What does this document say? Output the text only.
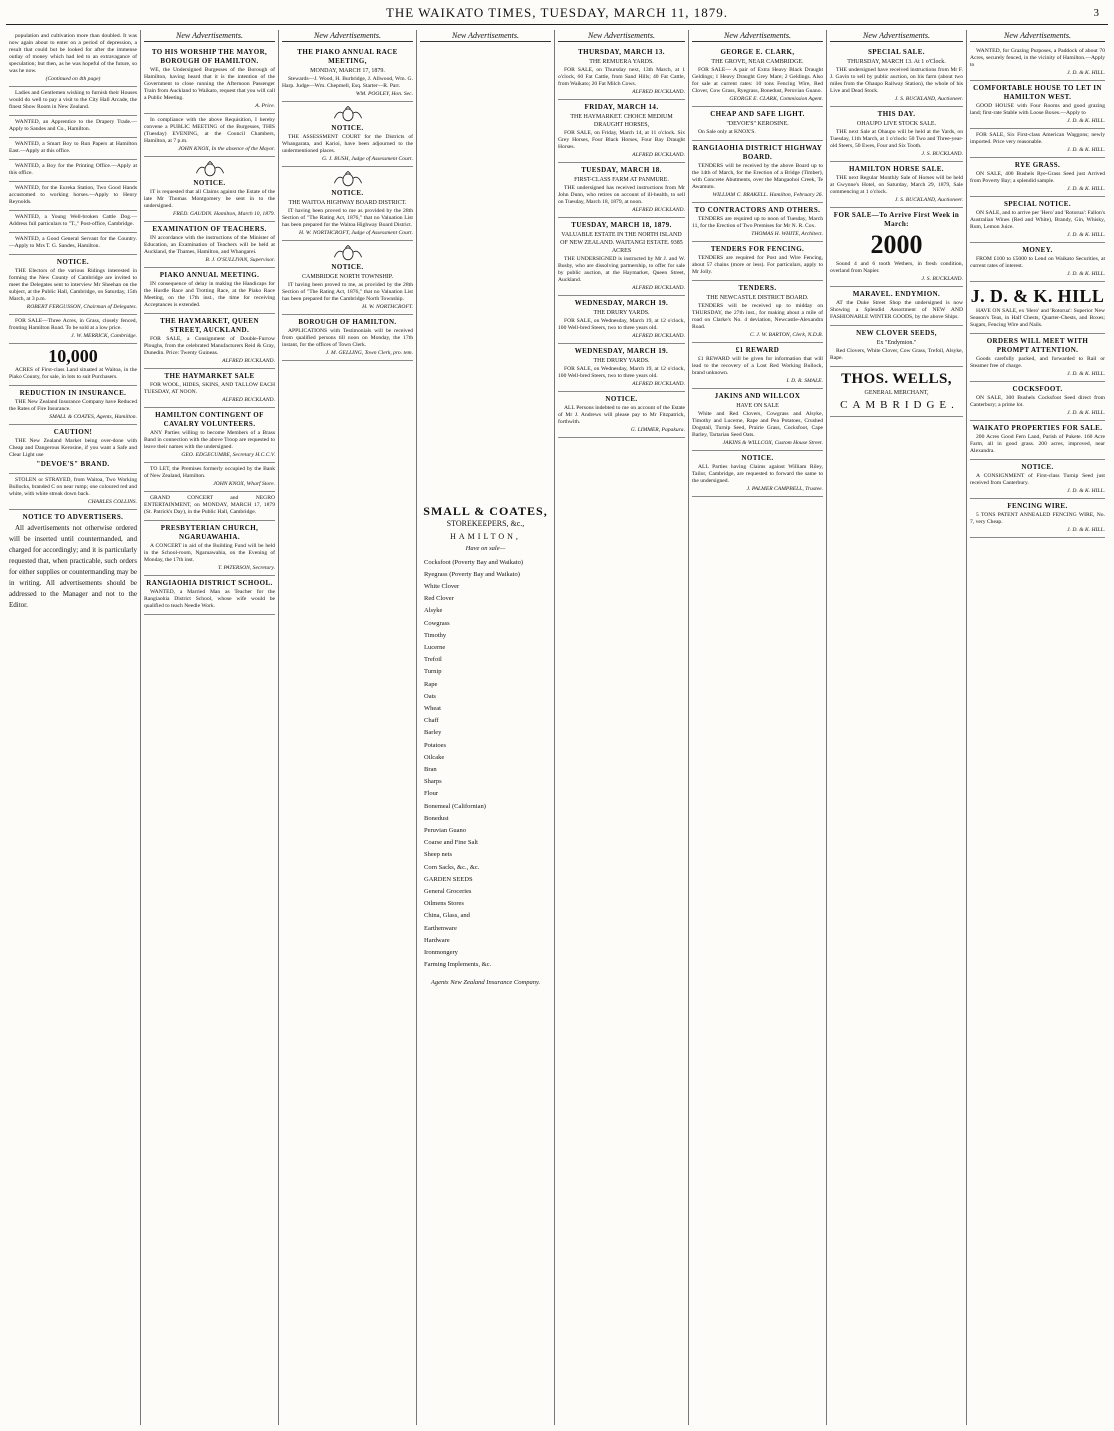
THE WAIKATO TIMES, TUESDAY, MARCH 11, 1879.	3

population and cultivation more than doubled. It was now again about to enter on a period of depression, a result that could but be looked for after the immense outlay of money which had led to an extravagance of speculation; but then, as he was hopeful of the future, so was he now.

(Continued on 4th page)

Ladies and Gentlemen wishing to furnish their Houses would do well to pay a visit to the City Hall Arcade, the finest Show Room in New Zealand.

WANTED, an Apprentice to the Drapery Trade.—Apply to Sandes and Co., Hamilton.

WANTED, a Smart Boy to Run Papers at Hamilton East.—Apply at this office.

WANTED, a Boy for the Printing Office.—Apply at this office.

WANTED, for the Eureka Station, Two Good Hands accustomed to working horses.—Apply to Henry Reynolds.

WANTED, a Young Well-broken Cattle Dog.—Address full particulars to "T.," Post-office, Cambridge.

WANTED, a Good General Servant for the Country.—Apply to Mrs T. G. Sandes, Hamilton.

NOTICE.

THE Electors of the various Ridings interested in forming the New County of Cambridge are invited to meet the Delegates sent to interview Mr Sheehan on the subject, at the Public Hall, Cambridge, on Saturday, 15th March, at 3 p.m.

ROBERT FERGUSSON, Chairman of Delegates.

FOR SALE—Three Acres, in Grass, closely fenced, fronting Hamilton Road. To be sold at a low price.

J. W. MERRICK, Cambridge.
10,000

ACRES of First-class Land situated at Waitoa, in the Piako County, for sale, in lots to suit Purchasers.

REDUCTION IN INSURANCE.

THE New Zealand Insurance Company have Reduced the Rates of Fire Insurance.

SMALL & COATES, Agents, Hamilton.
CAUTION!

THE New Zealand Market being over-done with Cheap and Dangerous Kerosine, if you want a Safe and Clear Light use

"DEVOE'S" BRAND.

STOLEN or STRAYED, from Waitoa, Two Working Bullocks, branded C on near rump; one coloured red and white, with white streak down back.

CHARLES COLLINS.
NOTICE TO ADVERTISERS.

All advertisements not otherwise ordered will be inserted until countermanded, and charged for accordingly; and it is particularly requested that, when practicable, such orders for either supplies or countermanding may be in writing. All advertisements should be addressed to the Manager and not to the Editor.

New Advertisements.
TO HIS WORSHIP THE MAYOR, BOROUGH OF HAMILTON.

WE, the Undersigned Burgesses of the Borough of Hamilton, having heard that it is the intention of the Government to close running the Afternoon Passenger Train from Auckland to Waikato, request that you will call a Public Meeting.

A. Price.

In compliance with the above Requisition, I hereby convene a PUBLIC MEETING of the Burgesses, THIS (Tuesday) EVENING, at the Council Chambers, Hamilton, at 7 p.m.

JOHN KNOX, In the absence of the Mayor.
NOTICE.

IT is requested that all Claims against the Estate of the late Mr Thomas Montgomery be sent in to the undersigned.

FRED. GAUDIN. Hamilton, March 10, 1879.
EXAMINATION OF TEACHERS.

IN accordance with the instructions of the Minister of Education, an Examination of Teachers will be held at Auckland, the Thames, Hamilton, and Whangarei.

B. J. O'SULLIVAN, Supervisor.
PIAKO ANNUAL MEETING.

IN consequence of delay in making the Handicaps for the Hurdle Race and Trotting Race, at the Piako Race Meeting, on the 17th inst., the time for receiving Acceptances is extended.

THE HAYMARKET, QUEEN STREET, AUCKLAND.

FOR SALE, a Consignment of Double-Furrow Ploughs, from the celebrated Manufacturers Reid & Gray, Dunedin. Price: Twenty Guineas.

ALFRED BUCKLAND.
THE HAYMARKET SALE

FOR WOOL, HIDES, SKINS, AND TALLOW EACH TUESDAY, AT NOON.

ALFRED BUCKLAND.
HAMILTON CONTINGENT OF CAVALRY VOLUNTEERS.

ANY Parties willing to become Members of a Brass Band in connection with the above Troop are requested to leave their names with the undersigned.

GEO. EDGECUMBE, Secretary H.C.C.V.

TO LET, the Premises formerly occupied by the Bank of New Zealand, Hamilton.

JOHN KNOX, Wharf Store.

GRAND CONCERT and NEGRO ENTERTAINMENT, on MONDAY, MARCH 17, 1879 (St. Patrick's Day), in the Public Hall, Cambridge.

PRESBYTERIAN CHURCH, NGARUAWAHIA.

A CONCERT in aid of the Building Fund will be held in the School-room, Ngaruawahia, on the Evening of Monday, the 17th inst.

T. PATERSON, Secretary.
RANGIAOHIA DISTRICT SCHOOL.

WANTED, a Married Man as Teacher for the Rangiaohia District School, whose wife would be qualified to teach Needle Work.

New Advertisements.
THE PIAKO ANNUAL RACE MEETING,
MONDAY, MARCH 17, 1879.

Stewards—J. Wood, H. Burbridge, J. Allwood, Wm. G. Harp. Judge—Wm. Chepmell, Esq. Starter—R. Parr.

WM. POOLEY, Hon. Sec.
NOTICE.

THE ASSESSMENT COURT for the Districts of Whangarata, and Karioi, have been adjourned to the undermentioned places.

G. J. BUSH, Judge of Assessment Court.
NOTICE.
THE WAITOA HIGHWAY BOARD DISTRICT.

IT having been proved to me as provided by the 28th Section of "The Rating Act, 1876," that no Valuation List has been prepared for the Waitoa Highway Board District.

H. W. NORTHCROFT, Judge of Assessment Court.
NOTICE.
CAMBRIDGE NORTH TOWNSHIP.

IT having been proved to me, as provided by the 28th Section of "The Rating Act, 1876," that no Valuation List has been prepared for the Cambridge North Township.

H. W. NORTHCROFT.
BOROUGH OF HAMILTON.

APPLICATIONS with Testimonials will be received from qualified persons till noon on Monday, the 17th instant, for the offices of Town Clerk.

J. M. GELLING, Town Clerk, pro. tem.
New Advertisements.
SMALL & COATES,
STOREKEEPERS, &c.,
HAMILTON,
Have on sale—
Cocksfoot (Poverty Bay and Waikato)
Ryegrass (Poverty Bay and Waikato)
White Clover
Red Clover
Alsyke
Cowgrass
Timothy
Lucerne
Trefoil
Turnip
Rape
Oats
Wheat
Chaff
Barley
Potatoes
Oilcake
Bran
Sharps
Flour
Bonemeal (Californian)
Bonedust
Peruvian Guano
Coarse and Fine Salt
Sheep nets
Corn Sacks, &c., &c.
GARDEN SEEDS
General Groceries
Oilmens Stores
China, Glass, and
Earthenware
Hardware
Ironmongery
Farming Implements, &c.
Agents New Zealand Insurance Company.
New Advertisements.
THURSDAY, MARCH 13.
THE REMUERA YARDS.

FOR SALE, on Thursday next, 13th March, at 1 o'clock, 60 Fat Cattle, from Sand Hills; 40 Fat Cattle, from Waikato; 20 Fat Milch Cows.

ALFRED BUCKLAND.
FRIDAY, MARCH 14.
THE HAYMARKET. CHOICE MEDIUM DRAUGHT HORSES,

FOR SALE, on Friday, March 14, at 11 o'clock. Six Grey Horses, Four Black Horses, Four Bay Draught Horses.

ALFRED BUCKLAND.
TUESDAY, MARCH 18.
FIRST-CLASS FARM AT PANMURE.

THE undersigned has received instructions from Mr John Dunn, who retires on account of ill-health, to sell on Tuesday, March 18, 1879, at noon.

ALFRED BUCKLAND.
TUESDAY, MARCH 18, 1879.
VALUABLE ESTATE IN THE NORTH ISLAND OF NEW ZEALAND. WAITANGI ESTATE. 9385 ACRES

THE UNDERSIGNED is instructed by Mr J. and W. Busby, who are dissolving partnership, to offer for sale by public auction, at the Haymarket, Queen Street, Auckland.

ALFRED BUCKLAND.
WEDNESDAY, MARCH 19.
THE DRURY YARDS.

FOR SALE, on Wednesday, March 19, at 12 o'clock, 100 Well-bred Steers, two to three years old.

ALFRED BUCKLAND.
WEDNESDAY, MARCH 19.
THE DRURY YARDS.

FOR SALE, on Wednesday, March 19, at 12 o'clock, 100 Well-bred Steers, two to three years old.

ALFRED BUCKLAND.
NOTICE.

ALL Persons indebted to me on account of the Estate of Mr J. Andrews will please pay to Mr Fitzpatrick, forthwith.

G. LIMMER, Papakura.
New Advertisements.
GEORGE E. CLARK,
THE GROVE, NEAR CAMBRIDGE.

FOR SALE— A pair of Extra Heavy Black Draught Geldings; 1 Heavy Draught Grey Mare; 2 Geldings. Also for sale at current rates: 10 tons Fencing Wire, Red Clover, Cow Grass, Ryegrass, Bonedust, Peruvian Guano.

GEORGE E. CLARK, Commission Agent.
CHEAP AND SAFE LIGHT.
"DEVOE'S" KEROSINE.

On Sale only at KNOX'S.

RANGIAOHIA DISTRICT HIGHWAY BOARD.

TENDERS will be received by the above Board up to the 14th of March, for the Erection of a Bridge (Timber), with Concrete Abutments, over the Mangaohoi Creek, Te Awamutu.

WILLIAM C. BRAKELL. Hamilton, February 26.
TO CONTRACTORS AND OTHERS.

TENDERS are required up to noon of Tuesday, March 11, for the Erection of Two Premises for Mr N. R. Cox.

THOMAS H. WHITE, Architect.
TENDERS FOR FENCING.

TENDERS are required for Post and Wire Fencing, about 57 chains (more or less). For particulars, apply to Mr Jolly.

TENDERS.
THE NEWCASTLE DISTRICT BOARD.

TENDERS will be received up to midday on THURSDAY, the 27th inst., for making about a mile of road on Clarke's No. 4 deviation, Newcastle-Alexandra Road.

C. J. W. BARTON, Clerk, N.D.B.
£1 REWARD

£1 REWARD will be given for information that will lead to the recovery of a Lost Red Working Bullock, brand unknown.

I. D. R. SMALE.
JAKINS AND WILLCOX
HAVE ON SALE

White and Red Clovers, Cowgrass and Alsyke, Timothy and Lucerne, Rape and Pea Potatoes, Crushed Dogstail, Turnip Seed, Prairie Grass, Cocksfoot, Cape Barley, Tartarian Seed Oats.

JAKINS & WILLCOX, Custom House Street.
NOTICE.

ALL Parties having Claims against William Riley, Tailor, Cambridge, are requested to forward the same to the undersigned.

J. PALMER CAMPBELL, Trustee.
New Advertisements.
SPECIAL SALE.
THURSDAY, MARCH 13. At 1 o'Clock.

THE undersigned have received instructions from Mr F. J. Gavin to sell by public auction, on his farm (about two miles from the Ohaupo Railway Station), the whole of his Live and Dead Stock.

J. S. BUCKLAND, Auctioneer.
THIS DAY.
OHAUPO LIVE STOCK SALE.

THE next Sale at Ohaupo will be held at the Yards, on Tuesday, 11th March, at 1 o'clock: 50 Two and Three-year-old Steers, 50 Ewes, Four and Six Tooth.

J. S. BUCKLAND.
HAMILTON HORSE SALE.

THE next Regular Monthly Sale of Horses will be held at Gwynne's Hotel, on Saturday, March 29, 1879, Sale commencing at 1 o'clock.

J. S. BUCKLAND, Auctioneer.
FOR SALE—To Arrive First Week in March:
2000

Sound 4 and 6 tooth Wethers, in fresh condition, overland from Napier.

J. S. BUCKLAND.
MARAVEL. ENDYMION.

AT the Duke Street Shop the undersigned is now Showing a Splendid Assortment of NEW AND FASHIONABLE WINTER GOODS, by the above Ships.

NEW CLOVER SEEDS,
Ex "Endymion."

Red Clovers, White Clover, Cow Grass, Trefoil, Alsyke, Rape.

THOS. WELLS,
GENERAL MERCHANT,

CAMBRIDGE.

New Advertisements.

WANTED, for Grazing Purposes, a Paddock of about 70 Acres, securely fenced, in the vicinity of Hamilton.—Apply to

J. D. & K. HILL.
COMFORTABLE HOUSE TO LET IN HAMILTON WEST.

GOOD HOUSE with Four Rooms and good grazing land; first-rate Stable with Loose Boxes.—Apply to

J. D. & K. HILL.

FOR SALE, Six First-class American Waggons; newly imported. Price very reasonable.

J. D. & K. HILL.
RYE GRASS.

ON SALE, 400 Bushels Rye-Grass Seed just Arrived from Poverty Bay; a splendid sample.

J. D. & K. HILL.
SPECIAL NOTICE.

ON SALE, and to arrive per 'Hero' and 'Rotorua': Fallon's Australian Wines (Red and White), Brandy, Gin, Whisky, Rum, Lemon Juice.

J. D. & K. HILL.
MONEY.

FROM £100 to £5000 to Lend on Waikato Securities, at current rates of interest.

J. D. & K. HILL.
J. D. & K. HILL

HAVE ON SALE, ex 'Hero' and 'Rotorua': Superior New Season's Teas, in Half Chests, Quarter-Chests, and Boxes; Sugars, Fencing Wire and Nails.

ORDERS WILL MEET WITH PROMPT ATTENTION.

Goods carefully packed, and forwarded to Rail or Steamer free of charge.

J. D. & K. HILL.
COCKSFOOT.

ON SALE, 300 Bushels Cocksfoot Seed direct from Canterbury; a prime lot.

J. D. & K. HILL.
WAIKATO PROPERTIES FOR SALE.

200 Acres Good Fern Land, Parish of Pukete. 160 Acre Farm, all in good grass. 200 acres, improved, near Alexandra.

NOTICE.

A CONSIGNMENT of First-class Turnip Seed just received from Canterbury.

J. D. & K. HILL.
FENCING WIRE.

5 TONS PATENT ANNEALED FENCING WIRE, No. 7, very Cheap.

J. D. & K. HILL.
